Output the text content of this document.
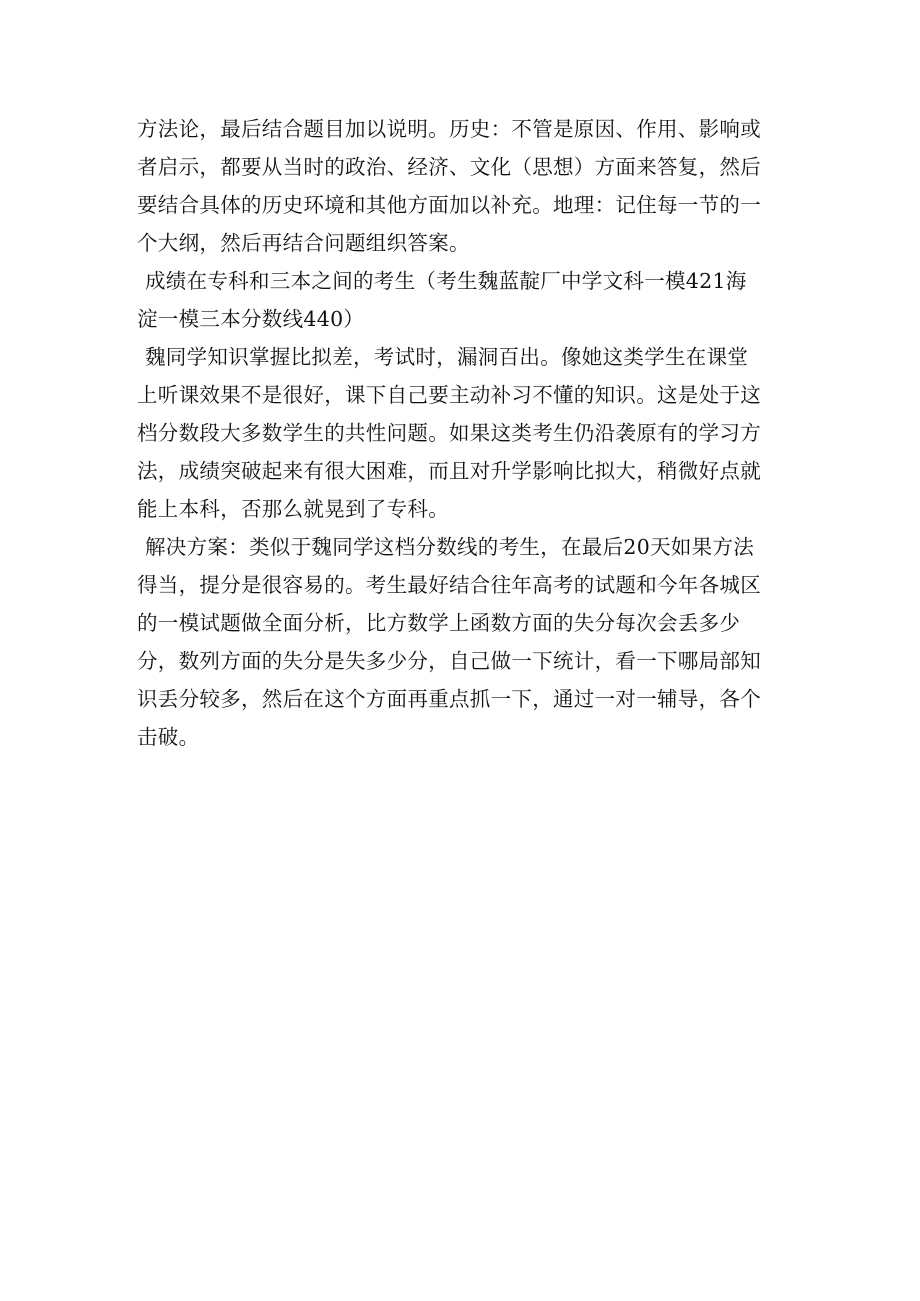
方法论，最后结合题目加以说明。历史：不管是原因、作用、影响或
者启示，都要从当时的政治、经济、文化（思想）方面来答复，然后
要结合具体的历史环境和其他方面加以补充。地理：记住每一节的一
个大纲，然后再结合问题组织答案。
成绩在专科和三本之间的考生（考生魏蓝靛厂中学文科一模421海
淀一模三本分数线440）
魏同学知识掌握比拟差，考试时，漏洞百出。像她这类学生在课堂
上听课效果不是很好，课下自己要主动补习不懂的知识。这是处于这
档分数段大多数学生的共性问题。如果这类考生仍沿袭原有的学习方
法，成绩突破起来有很大困难，而且对升学影响比拟大，稍微好点就
能上本科，否那么就晃到了专科。
解决方案：类似于魏同学这档分数线的考生，在最后20天如果方法
得当，提分是很容易的。考生最好结合往年高考的试题和今年各城区
的一模试题做全面分析，比方数学上函数方面的失分每次会丢多少
分，数列方面的失分是失多少分，自己做一下统计，看一下哪局部知
识丢分较多，然后在这个方面再重点抓一下，通过一对一辅导，各个
击破。
